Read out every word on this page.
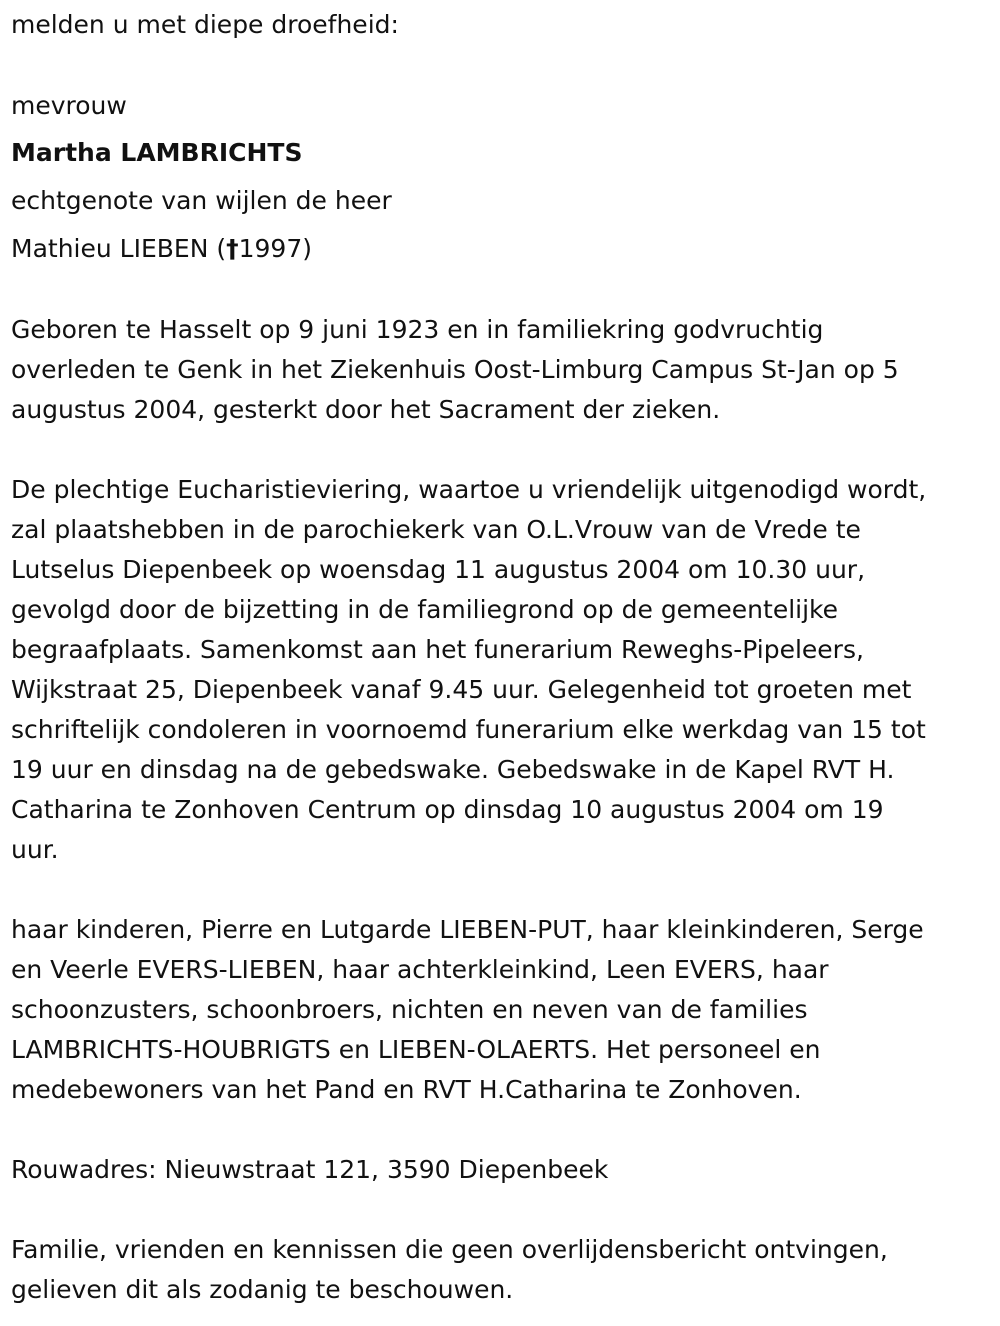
melden u met diepe droefheid:
mevrouw
Martha LAMBRICHTS
echtgenote van wijlen de heer
Mathieu LIEBEN (†1997)

Geboren te Hasselt op 9 juni 1923 en in familiekring godvruchtig
overleden te Genk in het Ziekenhuis Oost-Limburg Campus St-Jan op 5
augustus 2004, gesterkt door het Sacrament der zieken.

De plechtige Eucharistieviering, waartoe u vriendelijk uitgenodigd wordt,
zal plaatshebben in de parochiekerk van O.L.Vrouw van de Vrede te
Lutselus Diepenbeek op woensdag 11 augustus 2004 om 10.30 uur,
gevolgd door de bijzetting in de familiegrond op de gemeentelijke
begraafplaats. Samenkomst aan het funerarium Reweghs-Pipeleers,
Wijkstraat 25, Diepenbeek vanaf 9.45 uur. Gelegenheid tot groeten met
schriftelijk condoleren in voornoemd funerarium elke werkdag van 15 tot
19 uur en dinsdag na de gebedswake. Gebedswake in de Kapel RVT H.
Catharina te Zonhoven Centrum op dinsdag 10 augustus 2004 om 19
uur.

haar kinderen, Pierre en Lutgarde LIEBEN-PUT, haar kleinkinderen, Serge
en Veerle EVERS-LIEBEN, haar achterkleinkind, Leen EVERS, haar
schoonzusters, schoonbroers, nichten en neven van de families
LAMBRICHTS-HOUBRIGTS en LIEBEN-OLAERTS. Het personeel en
medebewoners van het Pand en RVT H.Catharina te Zonhoven.

Rouwadres: Nieuwstraat 121, 3590 Diepenbeek

Familie, vrienden en kennissen die geen overlijdensbericht ontvingen,
gelieven dit als zodanig te beschouwen.
